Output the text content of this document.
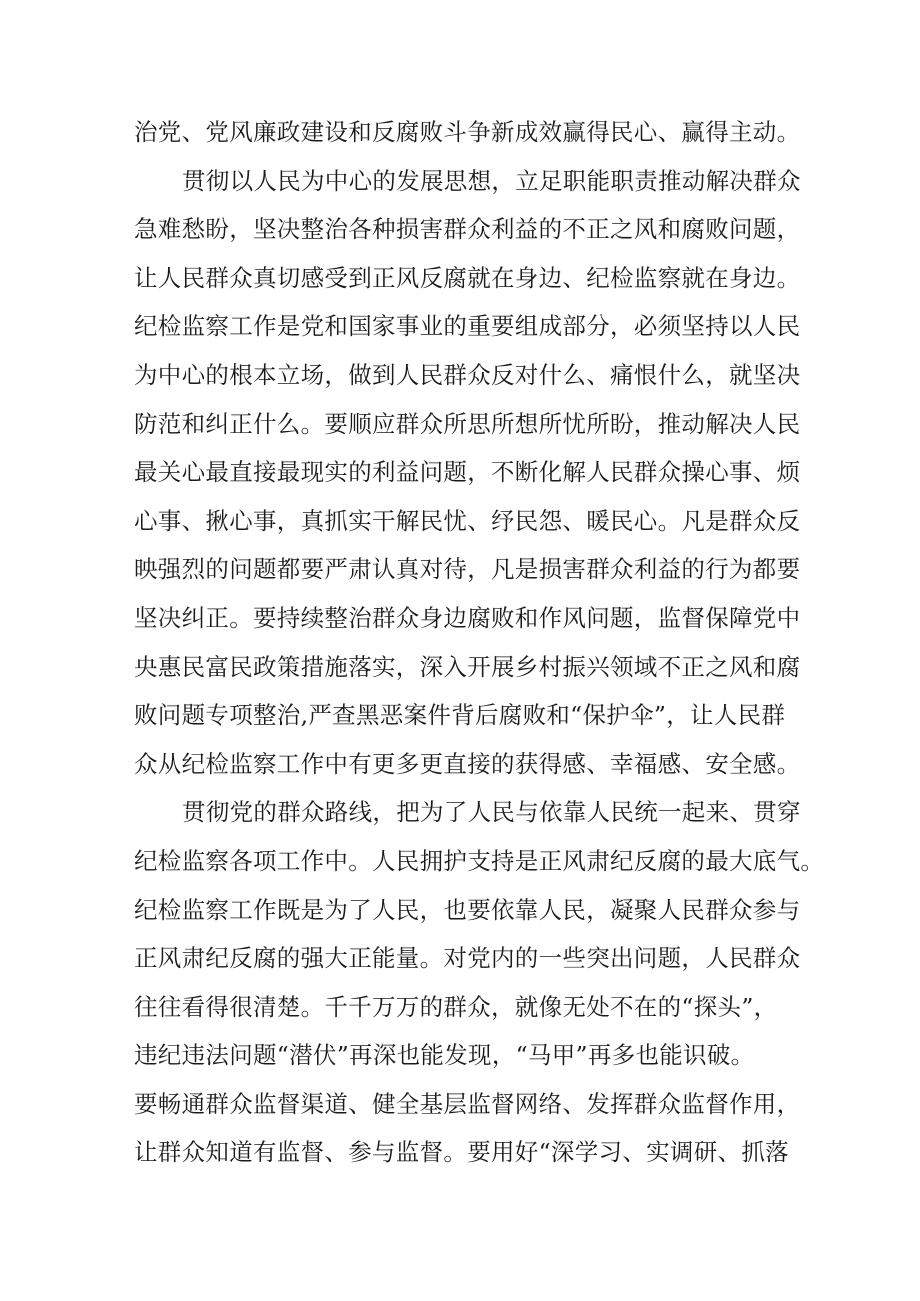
治党、党风廉政建设和反腐败斗争新成效赢得民心、赢得主动。
贯彻以人民为中心的发展思想，立足职能职责推动解决群众
急难愁盼，坚决整治各种损害群众利益的不正之风和腐败问题，
让人民群众真切感受到正风反腐就在身边、纪检监察就在身边。
纪检监察工作是党和国家事业的重要组成部分，必须坚持以人民
为中心的根本立场，做到人民群众反对什么、痛恨什么，就坚决
防范和纠正什么。要顺应群众所思所想所忧所盼，推动解决人民
最关心最直接最现实的利益问题，不断化解人民群众操心事、烦
心事、揪心事，真抓实干解民忧、纾民怨、暖民心。凡是群众反
映强烈的问题都要严肃认真对待，凡是损害群众利益的行为都要
坚决纠正。要持续整治群众身边腐败和作风问题，监督保障党中
央惠民富民政策措施落实，深入开展乡村振兴领域不正之风和腐
败问题专项整治,严查黑恶案件背后腐败和“保护伞”，让人民群
众从纪检监察工作中有更多更直接的获得感、幸福感、安全感。
贯彻党的群众路线，把为了人民与依靠人民统一起来、贯穿
纪检监察各项工作中。人民拥护支持是正风肃纪反腐的最大底气。
纪检监察工作既是为了人民，也要依靠人民，凝聚人民群众参与
正风肃纪反腐的强大正能量。对党内的一些突出问题，人民群众
往往看得很清楚。千千万万的群众，就像无处不在的“探头”，
违纪违法问题“潜伏”再深也能发现，“马甲”再多也能识破。
要畅通群众监督渠道、健全基层监督网络、发挥群众监督作用，
让群众知道有监督、参与监督。要用好“深学习、实调研、抓落
